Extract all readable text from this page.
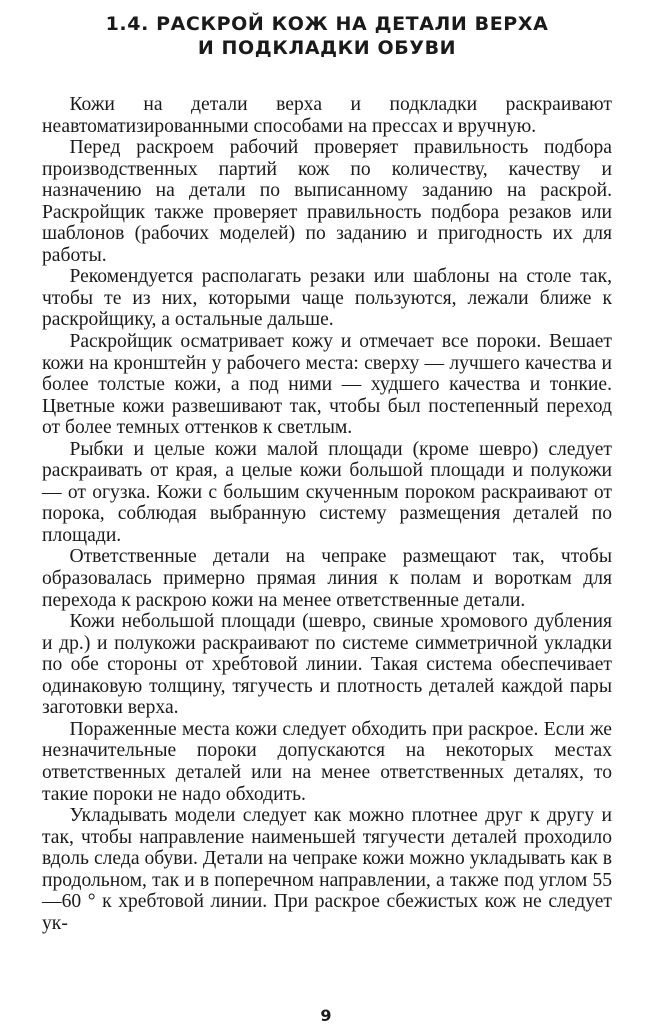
1.4. РАСКРОЙ КОЖ НА ДЕТАЛИ ВЕРХА
И ПОДКЛАДКИ ОБУВИ

Кожи на детали верха и подкладки раскраивают неавтоматизированными способами на прессах и вручную.

Перед раскроем рабочий проверяет правильность подбора производственных партий кож по количеству, качеству и назначению на детали по выписанному заданию на раскрой. Раскройщик также проверяет правильность подбора резаков или шаблонов (рабочих моделей) по заданию и пригодность их для работы.

Рекомендуется располагать резаки или шаблоны на столе так, чтобы те из них, которыми чаще пользуются, лежали ближе к раскройщику, а остальные дальше.

Раскройщик осматривает кожу и отмечает все пороки. Вешает кожи на кронштейн у рабочего места: сверху — лучшего качества и более толстые кожи, а под ними — худшего качества и тонкие. Цветные кожи развешивают так, чтобы был постепенный переход от более темных оттенков к светлым.

Рыбки и целые кожи малой площади (кроме шевро) следует раскраивать от края, а целые кожи большой площади и полукожи — от огузка. Кожи с большим скученным пороком раскраивают от порока, соблюдая выбранную систему размещения деталей по площади.

Ответственные детали на чепраке размещают так, чтобы образовалась примерно прямая линия к полам и вороткам для перехода к раскрою кожи на менее ответственные детали.

Кожи небольшой площади (шевро, свиные хромового дубления и др.) и полукожи раскраивают по системе симметричной укладки по обе стороны от хребтовой линии. Такая система обеспечивает одинаковую толщину, тягучесть и плотность деталей каждой пары заготовки верха.

Пораженные места кожи следует обходить при раскрое. Если же незначительные пороки допускаются на некоторых местах ответственных деталей или на менее ответственных деталях, то такие пороки не надо обходить.

Укладывать модели следует как можно плотнее друг к другу и так, чтобы направление наименьшей тягучести деталей проходило вдоль следа обуви. Детали на чепраке кожи можно укладывать как в продольном, так и в поперечном направлении, а также под углом 55—60 ° к хребтовой линии. При раскрое сбежистых кож не следует ук-

9
